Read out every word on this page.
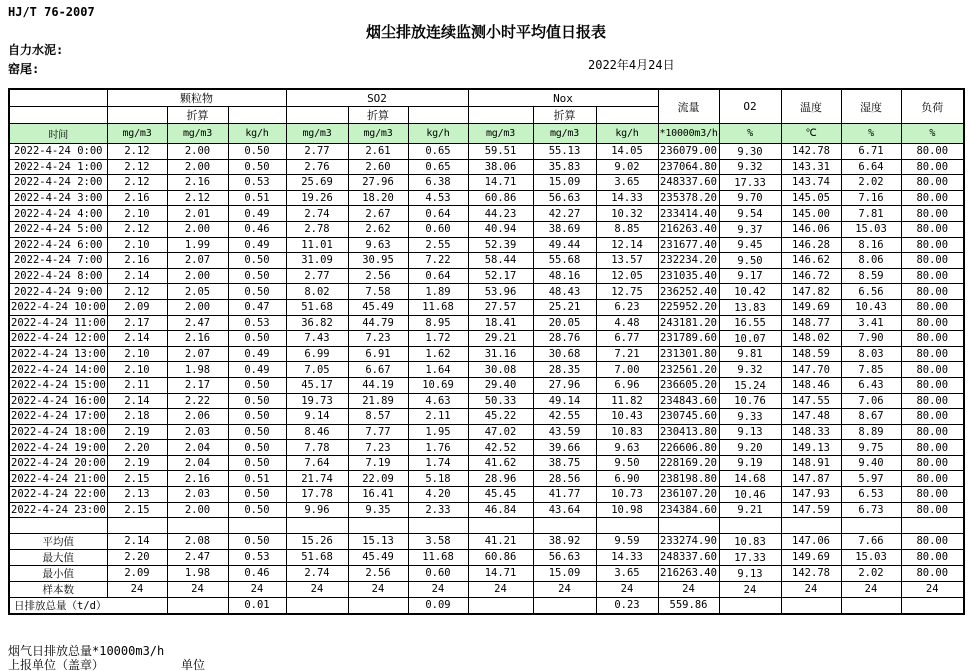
HJ/T 76-2007
烟尘排放连续监测小时平均值日报表
自力水泥:
窑尾:	2022年4月24日
	颗粒物			SO2			Nox			流量	O2	温度	湿度	负荷
		折算			折算			折算						
时间	mg/m3	mg/m3	kg/h	mg/m3	mg/m3	kg/h	mg/m3	mg/m3	kg/h	*10000m3/h	%	℃	%	%
2022-4-24 0:00	2.12	2.00	0.50	2.77	2.61	0.65	59.51	55.13	14.05	236079.00	9.30	142.78	6.71	80.00
2022-4-24 1:00	2.12	2.00	0.50	2.76	2.60	0.65	38.06	35.83	9.02	237064.80	9.32	143.31	6.64	80.00
2022-4-24 2:00	2.12	2.16	0.53	25.69	27.96	6.38	14.71	15.09	3.65	248337.60	17.33	143.74	2.02	80.00
2022-4-24 3:00	2.16	2.12	0.51	19.26	18.20	4.53	60.86	56.63	14.33	235378.20	9.70	145.05	7.16	80.00
2022-4-24 4:00	2.10	2.01	0.49	2.74	2.67	0.64	44.23	42.27	10.32	233414.40	9.54	145.00	7.81	80.00
2022-4-24 5:00	2.12	2.00	0.46	2.78	2.62	0.60	40.94	38.69	8.85	216263.40	9.37	146.06	15.03	80.00
2022-4-24 6:00	2.10	1.99	0.49	11.01	9.63	2.55	52.39	49.44	12.14	231677.40	9.45	146.28	8.16	80.00
2022-4-24 7:00	2.16	2.07	0.50	31.09	30.95	7.22	58.44	55.68	13.57	232234.20	9.50	146.62	8.06	80.00
2022-4-24 8:00	2.14	2.00	0.50	2.77	2.56	0.64	52.17	48.16	12.05	231035.40	9.17	146.72	8.59	80.00
2022-4-24 9:00	2.12	2.05	0.50	8.02	7.58	1.89	53.96	48.43	12.75	236252.40	10.42	147.82	6.56	80.00
2022-4-24 10:00	2.09	2.00	0.47	51.68	45.49	11.68	27.57	25.21	6.23	225952.20	13.83	149.69	10.43	80.00
2022-4-24 11:00	2.17	2.47	0.53	36.82	44.79	8.95	18.41	20.05	4.48	243181.20	16.55	148.77	3.41	80.00
2022-4-24 12:00	2.14	2.16	0.50	7.43	7.23	1.72	29.21	28.76	6.77	231789.60	10.07	148.02	7.90	80.00
2022-4-24 13:00	2.10	2.07	0.49	6.99	6.91	1.62	31.16	30.68	7.21	231301.80	9.81	148.59	8.03	80.00
2022-4-24 14:00	2.10	1.98	0.49	7.05	6.67	1.64	30.08	28.35	7.00	232561.20	9.32	147.70	7.85	80.00
2022-4-24 15:00	2.11	2.17	0.50	45.17	44.19	10.69	29.40	27.96	6.96	236605.20	15.24	148.46	6.43	80.00
2022-4-24 16:00	2.14	2.22	0.50	19.73	21.89	4.63	50.33	49.14	11.82	234843.60	10.76	147.55	7.06	80.00
2022-4-24 17:00	2.18	2.06	0.50	9.14	8.57	2.11	45.22	42.55	10.43	230745.60	9.33	147.48	8.67	80.00
2022-4-24 18:00	2.19	2.03	0.50	8.46	7.77	1.95	47.02	43.59	10.83	230413.80	9.13	148.33	8.89	80.00
2022-4-24 19:00	2.20	2.04	0.50	7.78	7.23	1.76	42.52	39.66	9.63	226606.80	9.20	149.13	9.75	80.00
2022-4-24 20:00	2.19	2.04	0.50	7.64	7.19	1.74	41.62	38.75	9.50	228169.20	9.19	148.91	9.40	80.00
2022-4-24 21:00	2.15	2.16	0.51	21.74	22.09	5.18	28.96	28.56	6.90	238198.80	14.68	147.87	5.97	80.00
2022-4-24 22:00	2.13	2.03	0.50	17.78	16.41	4.20	45.45	41.77	10.73	236107.20	10.46	147.93	6.53	80.00
2022-4-24 23:00	2.15	2.00	0.50	9.96	9.35	2.33	46.84	43.64	10.98	234384.60	9.21	147.59	6.73	80.00

平均值	2.14	2.08	0.50	15.26	15.13	3.58	41.21	38.92	9.59	233274.90	10.83	147.06	7.66	80.00
最大值	2.20	2.47	0.53	51.68	45.49	11.68	60.86	56.63	14.33	248337.60	17.33	149.69	15.03	80.00
最小值	2.09	1.98	0.46	2.74	2.56	0.60	14.71	15.09	3.65	216263.40	9.13	142.78	2.02	80.00
样本数	24	24	24	24	24	24	24	24	24	24	24	24	24	24
日排放总量（t/d）			0.01			0.09			0.23	559.86				
烟气日排放总量*10000m3/h
上报单位（盖章）	单位
